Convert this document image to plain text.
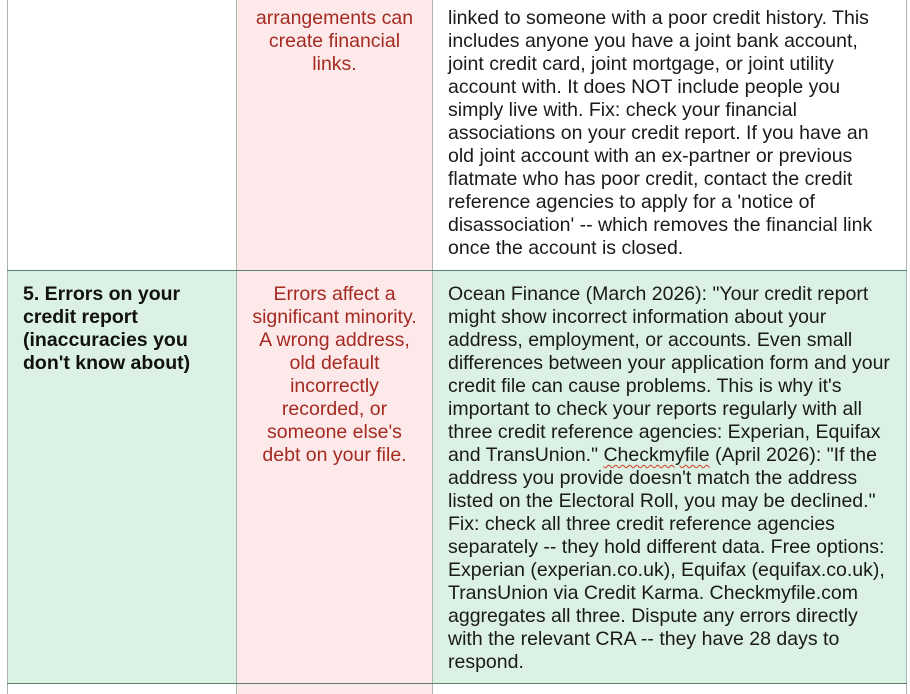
	arrangements can create financial links.	linked to someone with a poor credit history. This includes anyone you have a joint bank account, joint credit card, joint mortgage, or joint utility account with. It does NOT include people you simply live with. Fix: check your financial associations on your credit report. If you have an old joint account with an ex-partner or previous flatmate who has poor credit, contact the credit reference agencies to apply for a 'notice of disassociation' -- which removes the financial link once the account is closed.

5. Errors on your credit report (inaccuracies you don't know about)	Errors affect a significant minority. A wrong address, old default incorrectly recorded, or someone else's debt on your file.	Ocean Finance (March 2026): "Your credit report might show incorrect information about your address, employment, or accounts. Even small differences between your application form and your credit file can cause problems. This is why it's important to check your reports regularly with all three credit reference agencies: Experian, Equifax and TransUnion." Checkmyfile (April 2026): "If the address you provide doesn't match the address listed on the Electoral Roll, you may be declined." Fix: check all three credit reference agencies separately -- they hold different data. Free options: Experian (experian.co.uk), Equifax (equifax.co.uk), TransUnion via Credit Karma. Checkmyfile.com aggregates all three. Dispute any errors directly with the relevant CRA -- they have 28 days to respond.
